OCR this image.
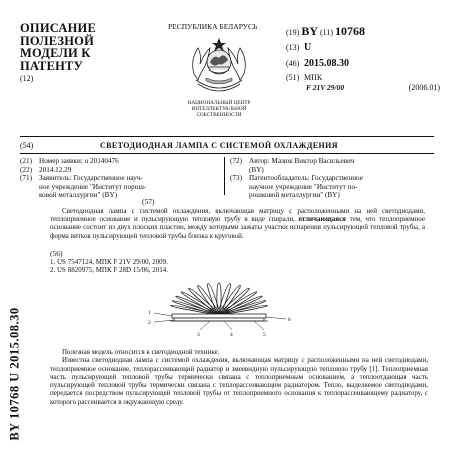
ОПИСАНИЕ
ПОЛЕЗНОЙ
МОДЕЛИ К
ПАТЕНТУ
(12)
РЕСПУБЛИКА БЕЛАРУСЬ
НАЦИОНАЛЬНЫЙ ЦЕНТР
ИНТЕЛЛЕКТУАЛЬНОЙ
СОБСТВЕННОСТИ
(19) BY (11) 10768
(13) U
(46) 2015.08.30
(51) МПК
F 21V 29/00	(2006.01)
(54)	СВЕТОДИОДНАЯ ЛАМПА С СИСТЕМОЙ ОХЛАЖДЕНИЯ
(21) Номер заявки: u 20140476
(22) 2014.12.29
(71) Заявитель: Государственное науч-
ное учреждение "Институт порош-
ковой металлургии" (BY)
(72) Автор: Мазюк Виктор Васильевич
(BY)
(73) Патентообладатель: Государственное
научное учреждение "Институт по-
рошковой металлургии" (BY)
(57)
Светодиодная лампа с системой охлаждения, включающая матрицу с расположенными на ней светодиодами, теплоприемное основание и пульсирующую тепловую трубу в виде спирали, отличающаяся тем, что теплоприемное основание состоит из двух плоских пластин, между которыми зажаты участки испарения пульсирующей тепловой трубы, а форма витков пульсирующей тепловой трубы близка к круговой.
(56)
1. US 7547124, МПК F 21V 29/00, 2009.
2. US 8820975, МПК F 28D 15/06, 2014.
1
2
3	4	5
6
BY 10768 U 2015.08.30	Полезная модель относится к светодиодной технике.

Известна светодиодная лампа с системой охлаждения, включающая матрицу с расположенными на ней светодиодами, теплоприемное основание, теплорассеивающий радиатор и змеевидную пульсирующую тепловую трубу [1]. Теплоприемная часть пульсирующей тепловой трубы термически связана с теплоприемным основанием, а теплоотдающая часть пульсирующей тепловой трубы термически связана с теплорассеивающим радиатором. Тепло, выделяемое светодиодами, передается посредством пульсирующей тепловой трубы от теплоприемного основания к теплорассеивающему радиатору, с которого рассеивается в окружающую среду.
